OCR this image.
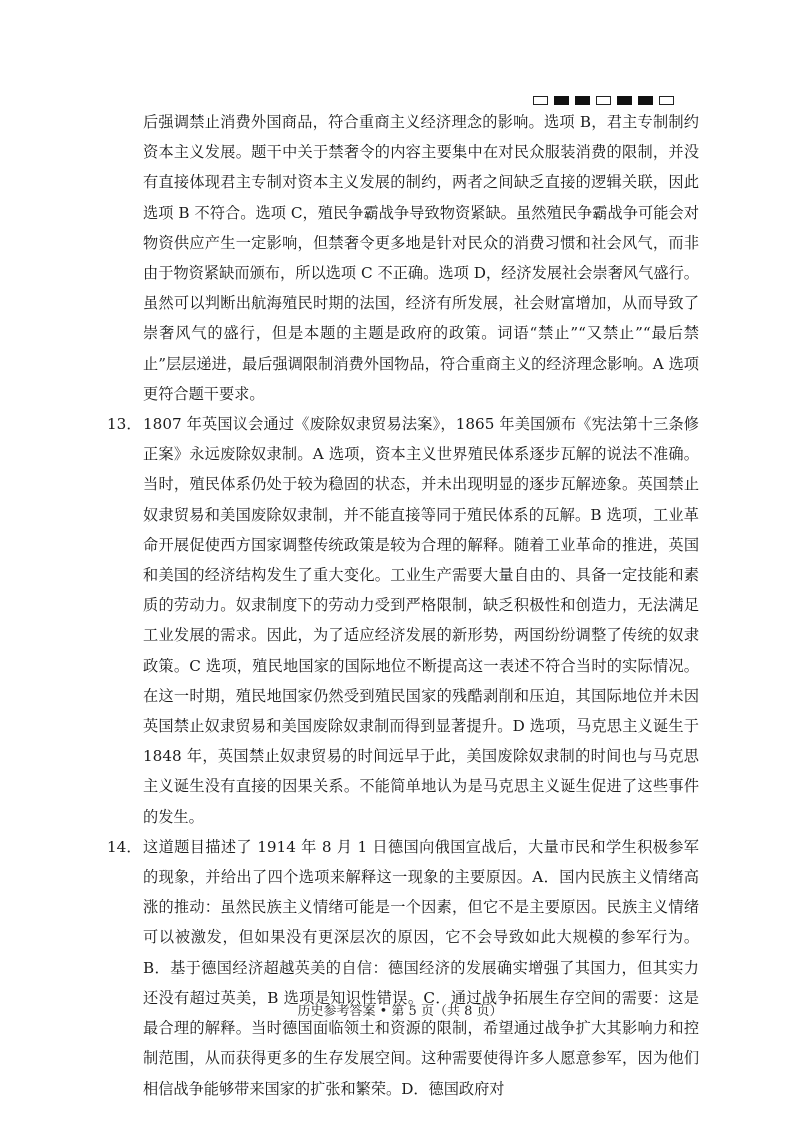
后强调禁止消费外国商品，符合重商主义经济理念的影响。选项 B，君主专制制约资本主义发展。题干中关于禁奢令的内容主要集中在对民众服装消费的限制，并没有直接体现君主专制对资本主义发展的制约，两者之间缺乏直接的逻辑关联，因此选项 B 不符合。选项 C，殖民争霸战争导致物资紧缺。虽然殖民争霸战争可能会对物资供应产生一定影响，但禁奢令更多地是针对民众的消费习惯和社会风气，而非由于物资紧缺而颁布，所以选项 C 不正确。选项 D，经济发展社会崇奢风气盛行。虽然可以判断出航海殖民时期的法国，经济有所发展，社会财富增加，从而导致了崇奢风气的盛行，但是本题的主题是政府的政策。词语“禁止”“又禁止”“最后禁止”层层递进，最后强调限制消费外国物品，符合重商主义的经济理念影响。A 选项更符合题干要求。
13． 1807 年英国议会通过《废除奴隶贸易法案》，1865 年美国颁布《宪法第十三条修正案》永远废除奴隶制。A 选项，资本主义世界殖民体系逐步瓦解的说法不准确。当时，殖民体系仍处于较为稳固的状态，并未出现明显的逐步瓦解迹象。英国禁止奴隶贸易和美国废除奴隶制，并不能直接等同于殖民体系的瓦解。B 选项，工业革命开展促使西方国家调整传统政策是较为合理的解释。随着工业革命的推进，英国和美国的经济结构发生了重大变化。工业生产需要大量自由的、具备一定技能和素质的劳动力。奴隶制度下的劳动力受到严格限制，缺乏积极性和创造力，无法满足工业发展的需求。因此，为了适应经济发展的新形势，两国纷纷调整了传统的奴隶政策。C 选项，殖民地国家的国际地位不断提高这一表述不符合当时的实际情况。在这一时期，殖民地国家仍然受到殖民国家的残酷剥削和压迫，其国际地位并未因英国禁止奴隶贸易和美国废除奴隶制而得到显著提升。D 选项，马克思主义诞生于 1848 年，英国禁止奴隶贸易的时间远早于此，美国废除奴隶制的时间也与马克思主义诞生没有直接的因果关系。不能简单地认为是马克思主义诞生促进了这些事件的发生。
14． 这道题目描述了 1914 年 8 月 1 日德国向俄国宣战后，大量市民和学生积极参军的现象，并给出了四个选项来解释这一现象的主要原因。A．国内民族主义情绪高涨的推动：虽然民族主义情绪可能是一个因素，但它不是主要原因。民族主义情绪可以被激发，但如果没有更深层次的原因，它不会导致如此大规模的参军行为。B．基于德国经济超越英美的自信：德国经济的发展确实增强了其国力，但其实力还没有超过英美，B 选项是知识性错误。C．通过战争拓展生存空间的需要：这是最合理的解释。当时德国面临领土和资源的限制，希望通过战争扩大其影响力和控制范围，从而获得更多的生存发展空间。这种需要使得许多人愿意参军，因为他们相信战争能够带来国家的扩张和繁荣。D．德国政府对
历史参考答案 • 第 5 页（共 8 页）
